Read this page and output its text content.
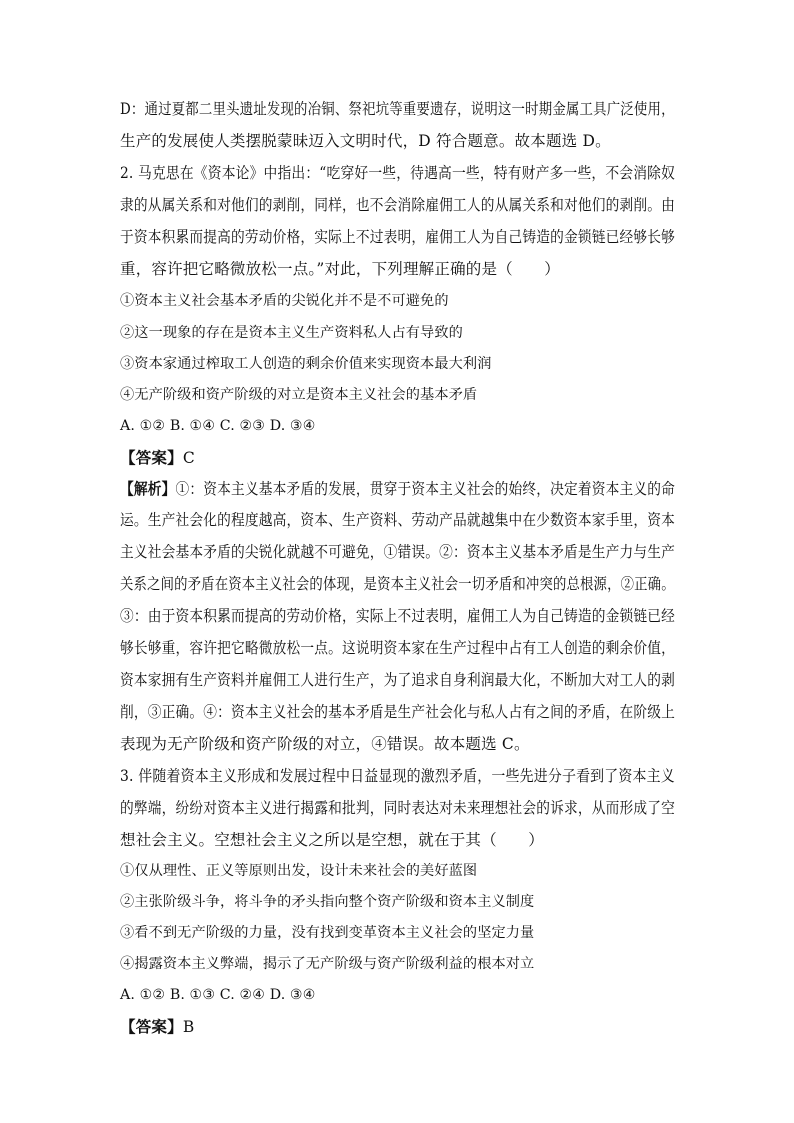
D：通过夏都二里头遗址发现的冶铜、祭祀坑等重要遗存，说明这一时期金属工具广泛使用，
生产的发展使人类摆脱蒙昧迈入文明时代，D 符合题意。故本题选 D。
2. 马克思在《资本论》中指出：“吃穿好一些，待遇高一些，特有财产多一些，不会消除奴
隶的从属关系和对他们的剥削，同样，也不会消除雇佣工人的从属关系和对他们的剥削。由
于资本积累而提高的劳动价格，实际上不过表明，雇佣工人为自己铸造的金锁链已经够长够
重，容许把它略微放松一点。”对此，下列理解正确的是（　　）
①资本主义社会基本矛盾的尖锐化并不是不可避免的
②这一现象的存在是资本主义生产资料私人占有导致的
③资本家通过榨取工人创造的剩余价值来实现资本最大利润
④无产阶级和资产阶级的对立是资本主义社会的基本矛盾
A. ①② B. ①④ C. ②③ D. ③④
【答案】C
【解析】①：资本主义基本矛盾的发展，贯穿于资本主义社会的始终，决定着资本主义的命
运。生产社会化的程度越高，资本、生产资料、劳动产品就越集中在少数资本家手里，资本
主义社会基本矛盾的尖锐化就越不可避免，①错误。②：资本主义基本矛盾是生产力与生产
关系之间的矛盾在资本主义社会的体现，是资本主义社会一切矛盾和冲突的总根源，②正确。
③：由于资本积累而提高的劳动价格，实际上不过表明，雇佣工人为自己铸造的金锁链已经
够长够重，容许把它略微放松一点。这说明资本家在生产过程中占有工人创造的剩余价值，
资本家拥有生产资料并雇佣工人进行生产，为了追求自身利润最大化，不断加大对工人的剥
削，③正确。④：资本主义社会的基本矛盾是生产社会化与私人占有之间的矛盾，在阶级上
表现为无产阶级和资产阶级的对立，④错误。故本题选 C。
3. 伴随着资本主义形成和发展过程中日益显现的激烈矛盾，一些先进分子看到了资本主义
的弊端，纷纷对资本主义进行揭露和批判，同时表达对未来理想社会的诉求，从而形成了空
想社会主义。空想社会主义之所以是空想，就在于其（　　）
①仅从理性、正义等原则出发，设计未来社会的美好蓝图
②主张阶级斗争，将斗争的矛头指向整个资产阶级和资本主义制度
③看不到无产阶级的力量，没有找到变革资本主义社会的坚定力量
④揭露资本主义弊端，揭示了无产阶级与资产阶级利益的根本对立
A. ①② B. ①③ C. ②④ D. ③④
【答案】B
